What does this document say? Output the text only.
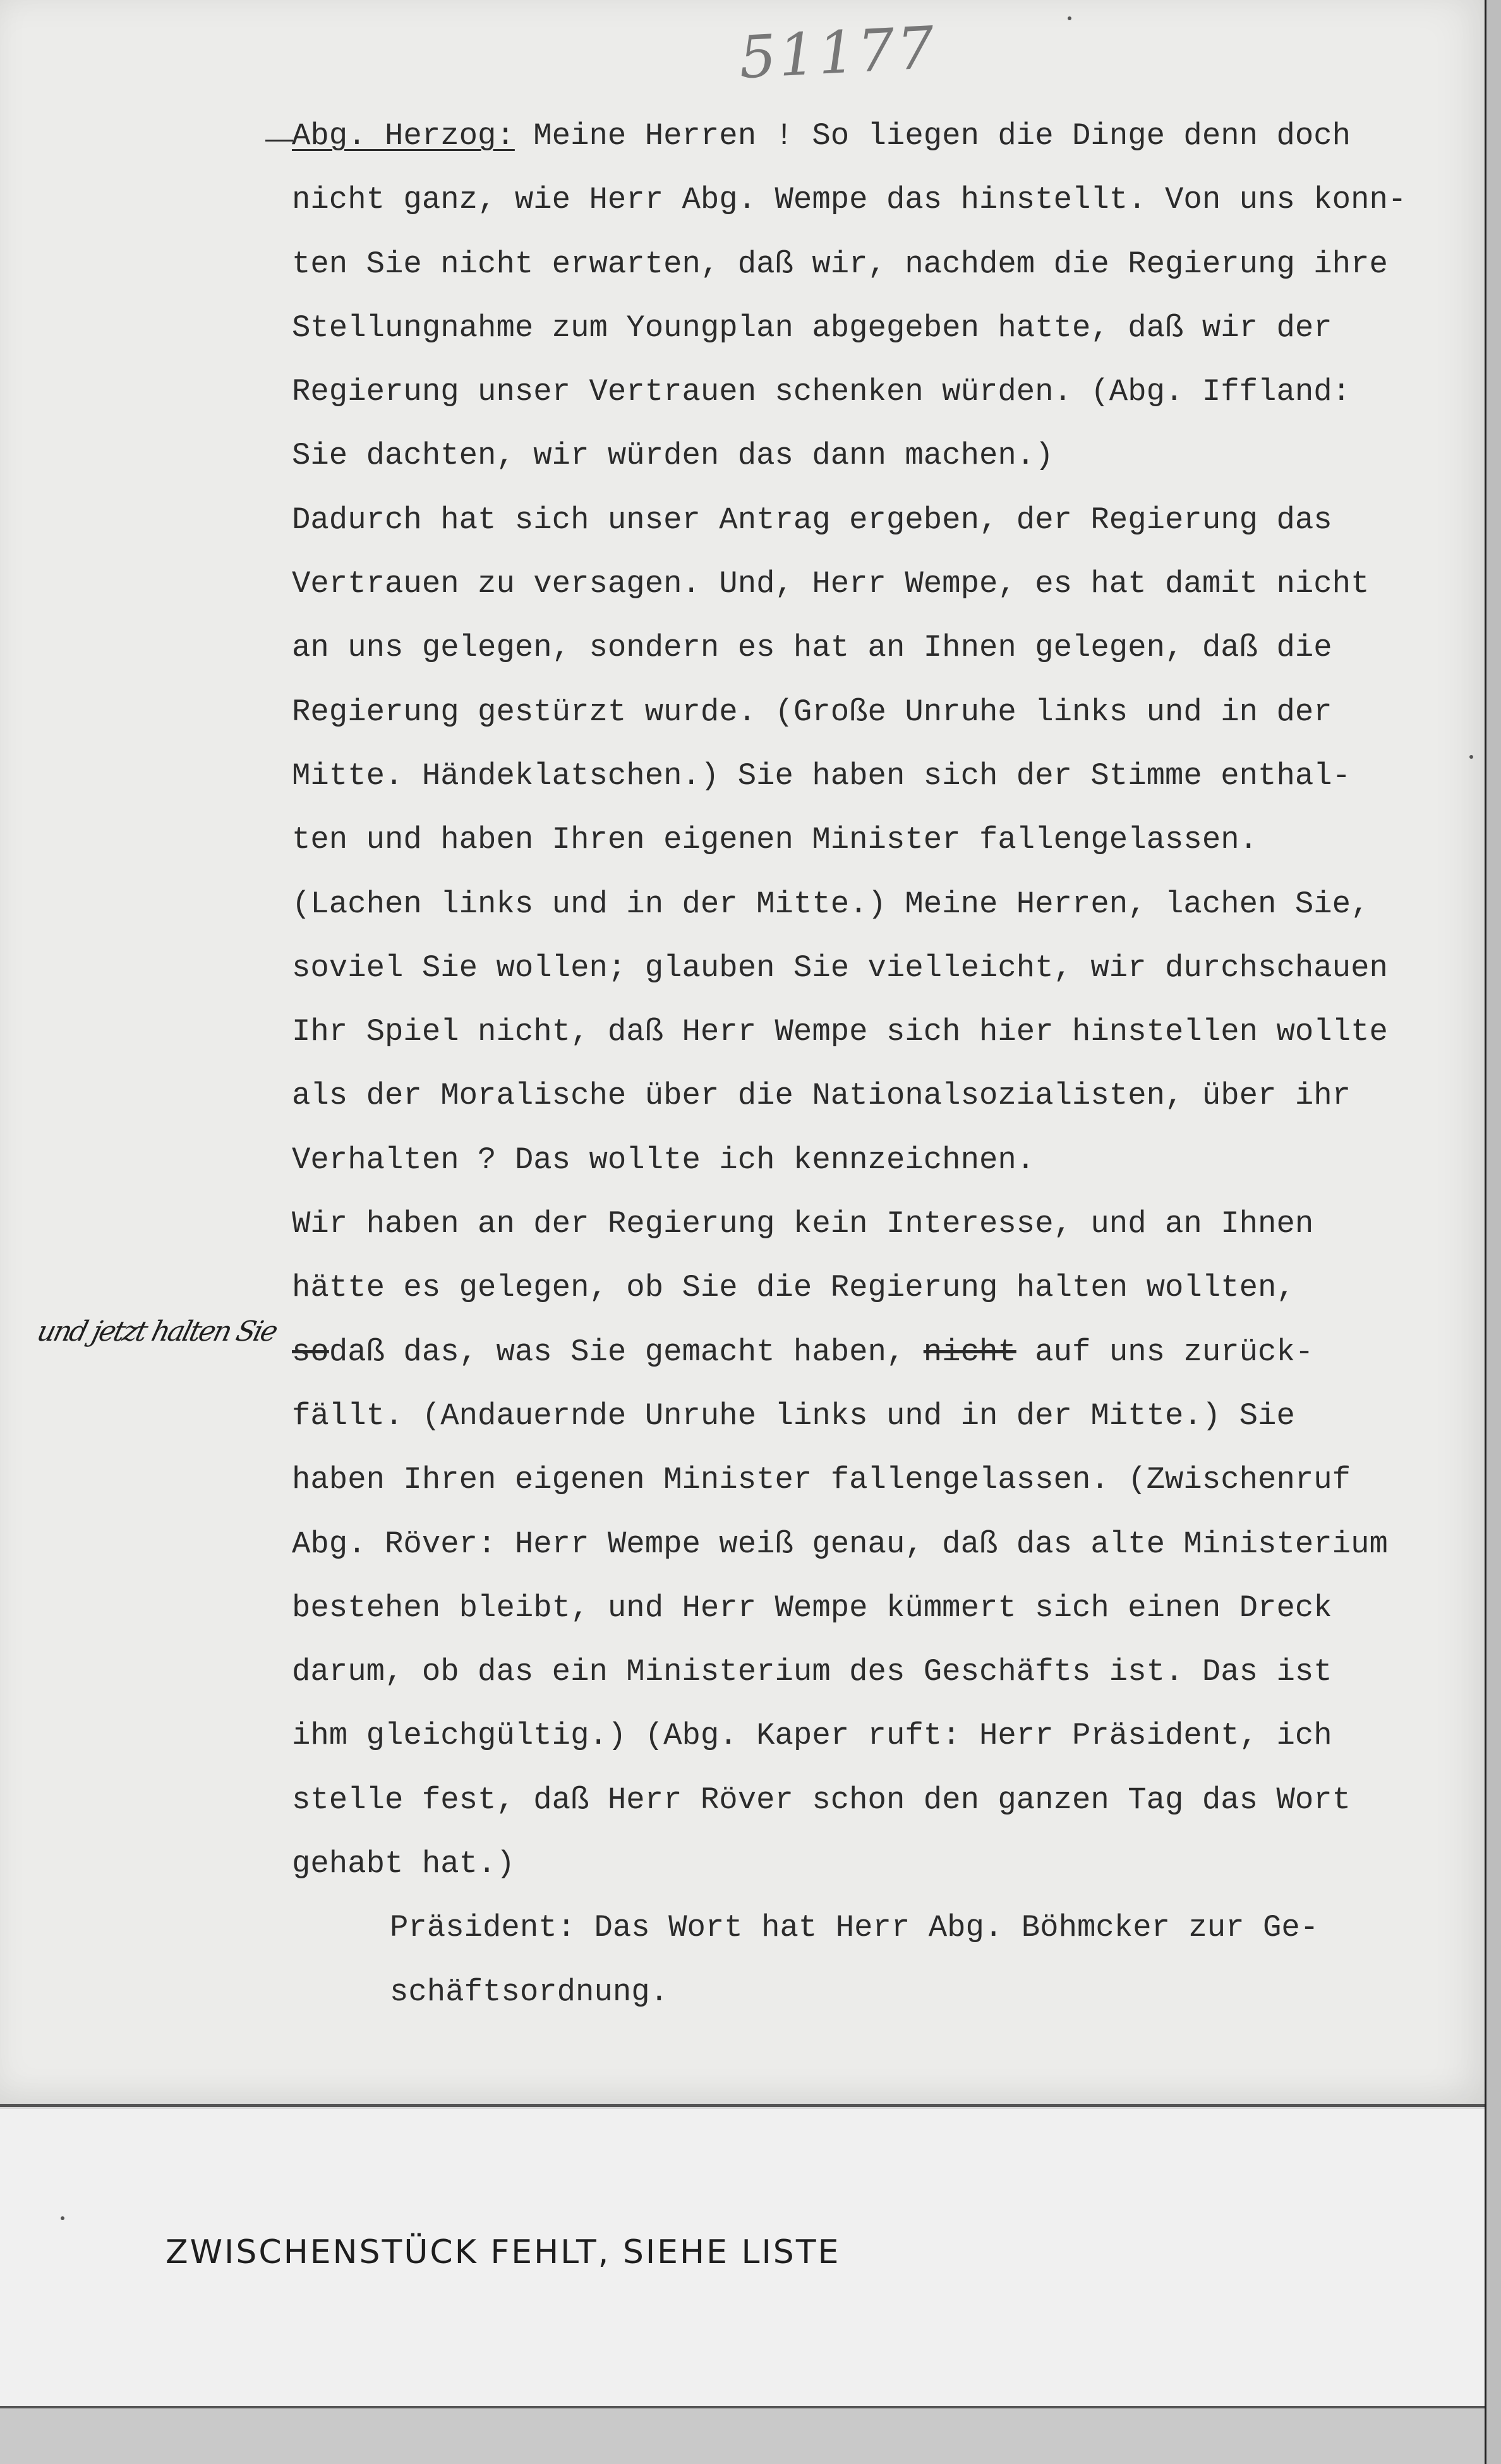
51177
Abg. Herzog: Meine Herren ! So liegen die Dinge denn doch
nicht ganz, wie Herr Abg. Wempe das hinstellt. Von uns konn-
ten Sie nicht erwarten, daß wir, nachdem die Regierung ihre
Stellungnahme zum Youngplan abgegeben hatte, daß wir der
Regierung unser Vertrauen schenken würden. (Abg. Iffland:
Sie dachten, wir würden das dann machen.)
Dadurch hat sich unser Antrag ergeben, der Regierung das
Vertrauen zu versagen. Und, Herr Wempe, es hat damit nicht
an uns gelegen, sondern es hat an Ihnen gelegen, daß die
Regierung gestürzt wurde. (Große Unruhe links und in der
Mitte. Händeklatschen.) Sie haben sich der Stimme enthal-
ten und haben Ihren eigenen Minister fallengelassen.
(Lachen links und in der Mitte.) Meine Herren, lachen Sie,
soviel Sie wollen; glauben Sie vielleicht, wir durchschauen
Ihr Spiel nicht, daß Herr Wempe sich hier hinstellen wollte
als der Moralische über die Nationalsozialisten, über ihr
Verhalten ? Das wollte ich kennzeichnen.
Wir haben an der Regierung kein Interesse, und an Ihnen
hätte es gelegen, ob Sie die Regierung halten wollten,
sodaß das, was Sie gemacht haben, nicht auf uns zurück-
fällt. (Andauernde Unruhe links und in der Mitte.) Sie
haben Ihren eigenen Minister fallengelassen. (Zwischenruf
Abg. Röver: Herr Wempe weiß genau, daß das alte Ministerium
bestehen bleibt, und Herr Wempe kümmert sich einen Dreck
darum, ob das ein Ministerium des Geschäfts ist. Das ist
ihm gleichgültig.) (Abg. Kaper ruft: Herr Präsident, ich
stelle fest, daß Herr Röver schon den ganzen Tag das Wort
gehabt hat.)
Präsident: Das Wort hat Herr Abg. Böhmcker zur Ge-
schäftsordnung.
und jetzt halten Sie
ZWISCHENSTÜCK FEHLT, SIEHE LISTE
